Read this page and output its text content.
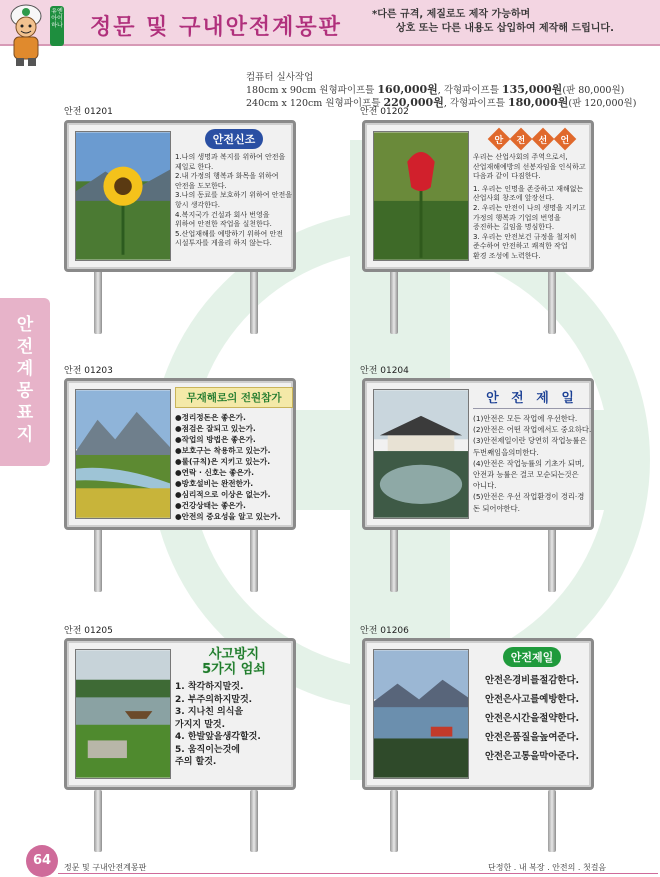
유엔아이하나 정문 및 구내안전계몽판
*다른 규격, 제질로도 제작 가능하며
상호 또는 다른 내용도 삽입하여 제작해 드립니다.
컴퓨터 실사작업
180cm x 90cm 원형파이프틀 160,000원, 각형파이프틀 135,000원(판 80,000원)
240cm x 120cm 원형파이프틀 220,000원, 각형파이프틀 180,000원(판 120,000원)
안전계몽표지
안전 01201
안전신조
1.나의 생명과 복지를 위하여 안전을
제일로 한다.
2.내 가정의 행복과 화목을 위하여
안전을 도모한다.
3.나의 동료를 보호하기 위하여 안전을
항시 생각한다.
4.복지국가 건설과 회사 번영을
위하여 안전한 작업을 실천한다.
5.산업재해를 예방하기 위하여 안전
시설투자를 게을리 하지 않는다.
안전 01202
안 전 선 언
우리는 산업사회의 주역으로서,
산업재해예방의 선봉자임을 인식하고
다음과 같이 다짐한다.
1. 우리는 인명을 존중하고 재해없는
산업사회 창조에 앞장선다.
2. 우리는 안전이 나의 생명을 지키고
가정의 행복과 기업의 번영을
증진하는 길임을 명심한다.
3. 우리는 안전보건 규정을 철저히
준수하여 안전하고 쾌적한 작업
환경 조성에 노력한다.
안전 01203
무재해로의 전원참가
●정리정돈은 좋은가.
●점검은 잘되고 있는가.
●작업의 방법은 좋은가.
●보호구는 착용하고 있는가.
●룰(규칙)은 지키고 있는가.
●연락 · 신호는 좋은가.
●방호설비는 완전한가.
●심리적으로 이상은 없는가.
●건강상태는 좋은가.
●안전의 중요성을 알고 있는가.
안전 01204
안 전 제 일
(1)안전은 모든 작업에 우선한다.
(2)안전은 어떤 작업에서도 중요하다.
(3)안전제일이란 당연히 작업능률은
두번째임을의미한다.
(4)안전은 작업능률의 기초가 되며,
안전과 능률은 결코 모순되는것은
아니다.
(5)안전은 우선 작업환경이 경리·경
돈 되어야한다.
안전 01205
사고방지
5가지 엄쇠
1. 착각하지말것.
2. 부주의하지말것.
3. 지나친 의식을
가지지 말것.
4. 한발앞을생각할것.
5. 움직이는것에
주의 할것.
안전 01206
안전제일
안전은경비를절감한다.
안전은사고를예방한다.
안전은시간을절약한다.
안전은품질을높여준다.
안전은고통을막아준다.
64	정문 및 구내안전계몽판	단정한 . 내 복장 . 안전의 . 첫걸음
